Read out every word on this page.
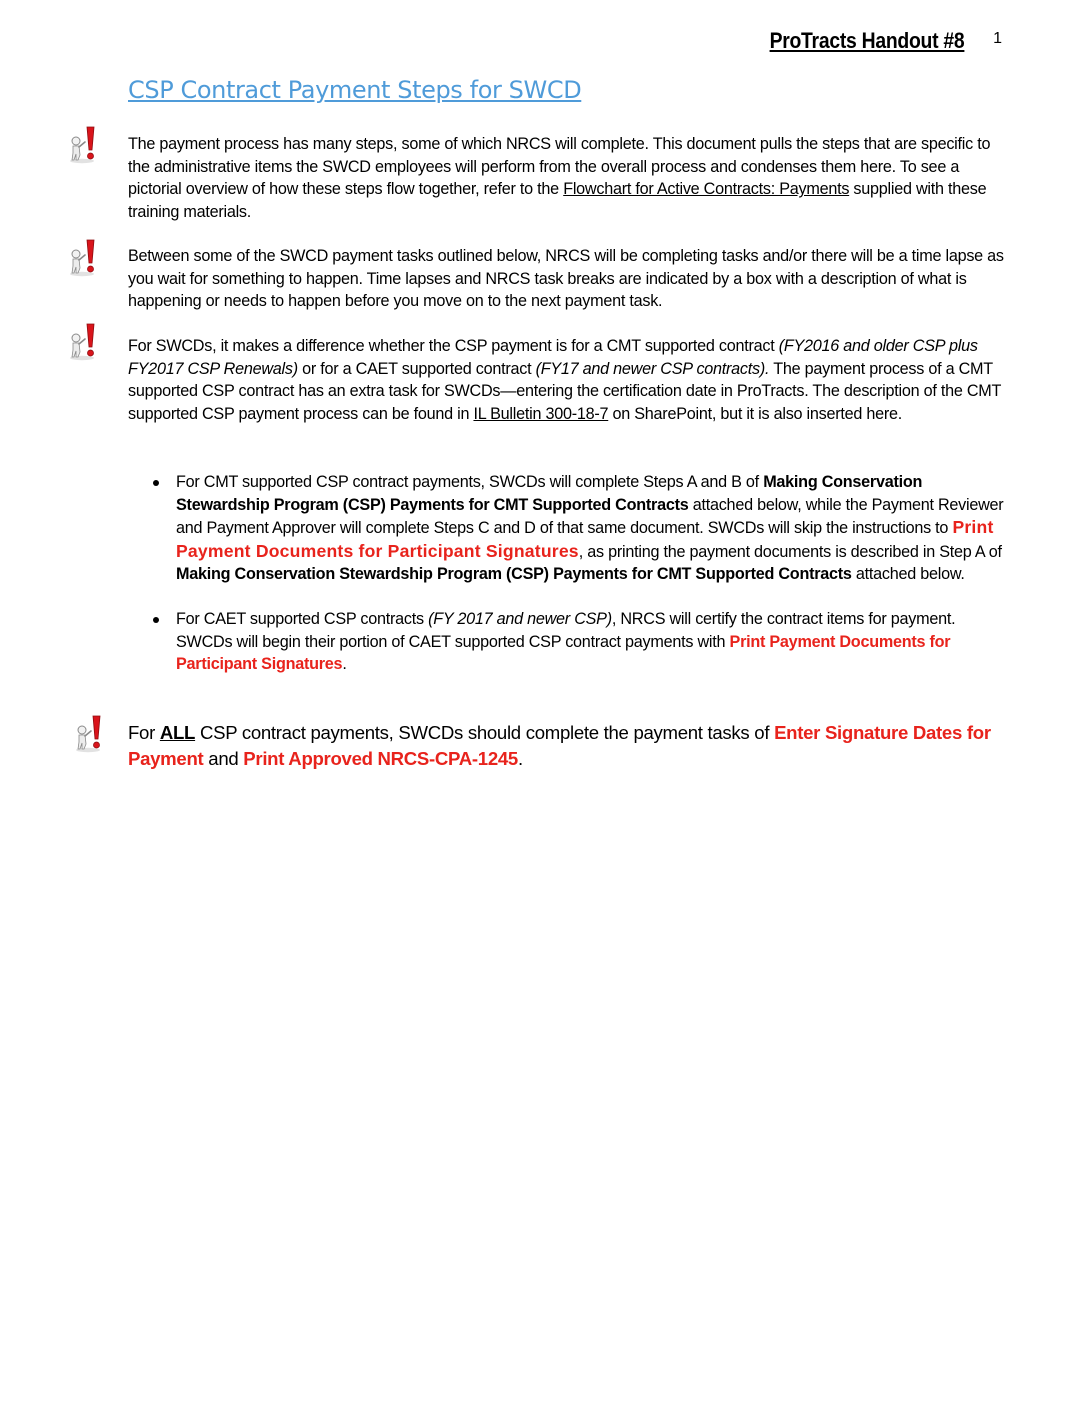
ProTracts Handout #8 1
CSP Contract Payment Steps for SWCD

The payment process has many steps, some of which NRCS will complete. This document pulls the steps that are specific to the administrative items the SWCD employees will perform from the overall process and condenses them here. To see a pictorial overview of how these steps flow together, refer to the Flowchart for Active Contracts: Payments supplied with these training materials.

Between some of the SWCD payment tasks outlined below, NRCS will be completing tasks and/or there will be a time lapse as you wait for something to happen. Time lapses and NRCS task breaks are indicated by a box with a description of what is happening or needs to happen before you move on to the next payment task.

For SWCDs, it makes a difference whether the CSP payment is for a CMT supported contract (FY2016 and older CSP plus FY2017 CSP Renewals) or for a CAET supported contract (FY17 and newer CSP contracts). The payment process of a CMT supported CSP contract has an extra task for SWCDs—entering the certification date in ProTracts. The description of the CMT supported CSP payment process can be found in IL Bulletin 300-18-7 on SharePoint, but it is also inserted here.

For CMT supported CSP contract payments, SWCDs will complete Steps A and B of Making Conservation Stewardship Program (CSP) Payments for CMT Supported Contracts attached below, while the Payment Reviewer and Payment Approver will complete Steps C and D of that same document. SWCDs will skip the instructions to Print Payment Documents for Participant Signatures, as printing the payment documents is described in Step A of Making Conservation Stewardship Program (CSP) Payments for CMT Supported Contracts attached below.
For CAET supported CSP contracts (FY 2017 and newer CSP), NRCS will certify the contract items for payment. SWCDs will begin their portion of CAET supported CSP contract payments with Print Payment Documents for Participant Signatures.

For ALL CSP contract payments, SWCDs should complete the payment tasks of Enter Signature Dates for Payment and Print Approved NRCS-CPA-1245.
